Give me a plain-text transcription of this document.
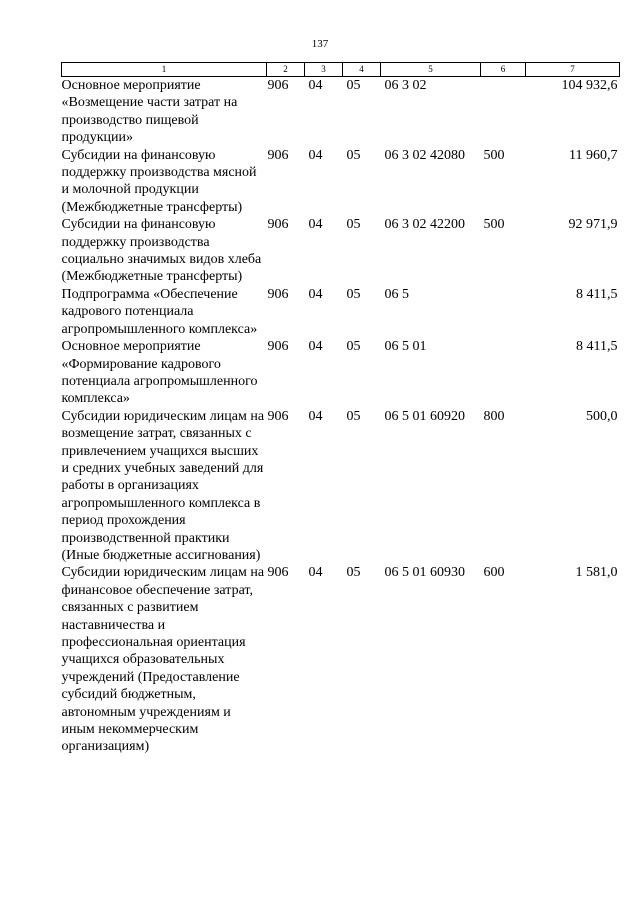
137
1	2	3	4	5	6	7
Основное мероприятие «Возмещение части затрат на производство пищевой продукции»	906	04	05	06 3 02		104 932,6
Субсидии на финансовую поддержку производства мясной и молочной продукции (Межбюджетные трансферты)	906	04	05	06 3 02 42080	500	11 960,7
Субсидии на финансовую поддержку производства социально значимых видов хлеба (Межбюджетные трансферты)	906	04	05	06 3 02 42200	500	92 971,9
Подпрограмма «Обеспечение кадрового потенциала агропромышленного комплекса»	906	04	05	06 5		8 411,5
Основное мероприятие «Формирование кадрового потенциала агропромышленного комплекса»	906	04	05	06 5 01		8 411,5
Субсидии юридическим лицам на возмещение затрат, связанных с привлечением учащихся высших и средних учебных заведений для работы в организациях агропромышленного комплекса в период прохождения производственной практики (Иные бюджетные ассигнования)	906	04	05	06 5 01 60920	800	500,0
Субсидии юридическим лицам на финансовое обеспечение затрат, связанных с развитием наставничества и профессиональная ориентация учащихся образовательных учреждений (Предоставление субсидий бюджетным, автономным учреждениям и иным некоммерческим организациям)	906	04	05	06 5 01 60930	600	1 581,0
